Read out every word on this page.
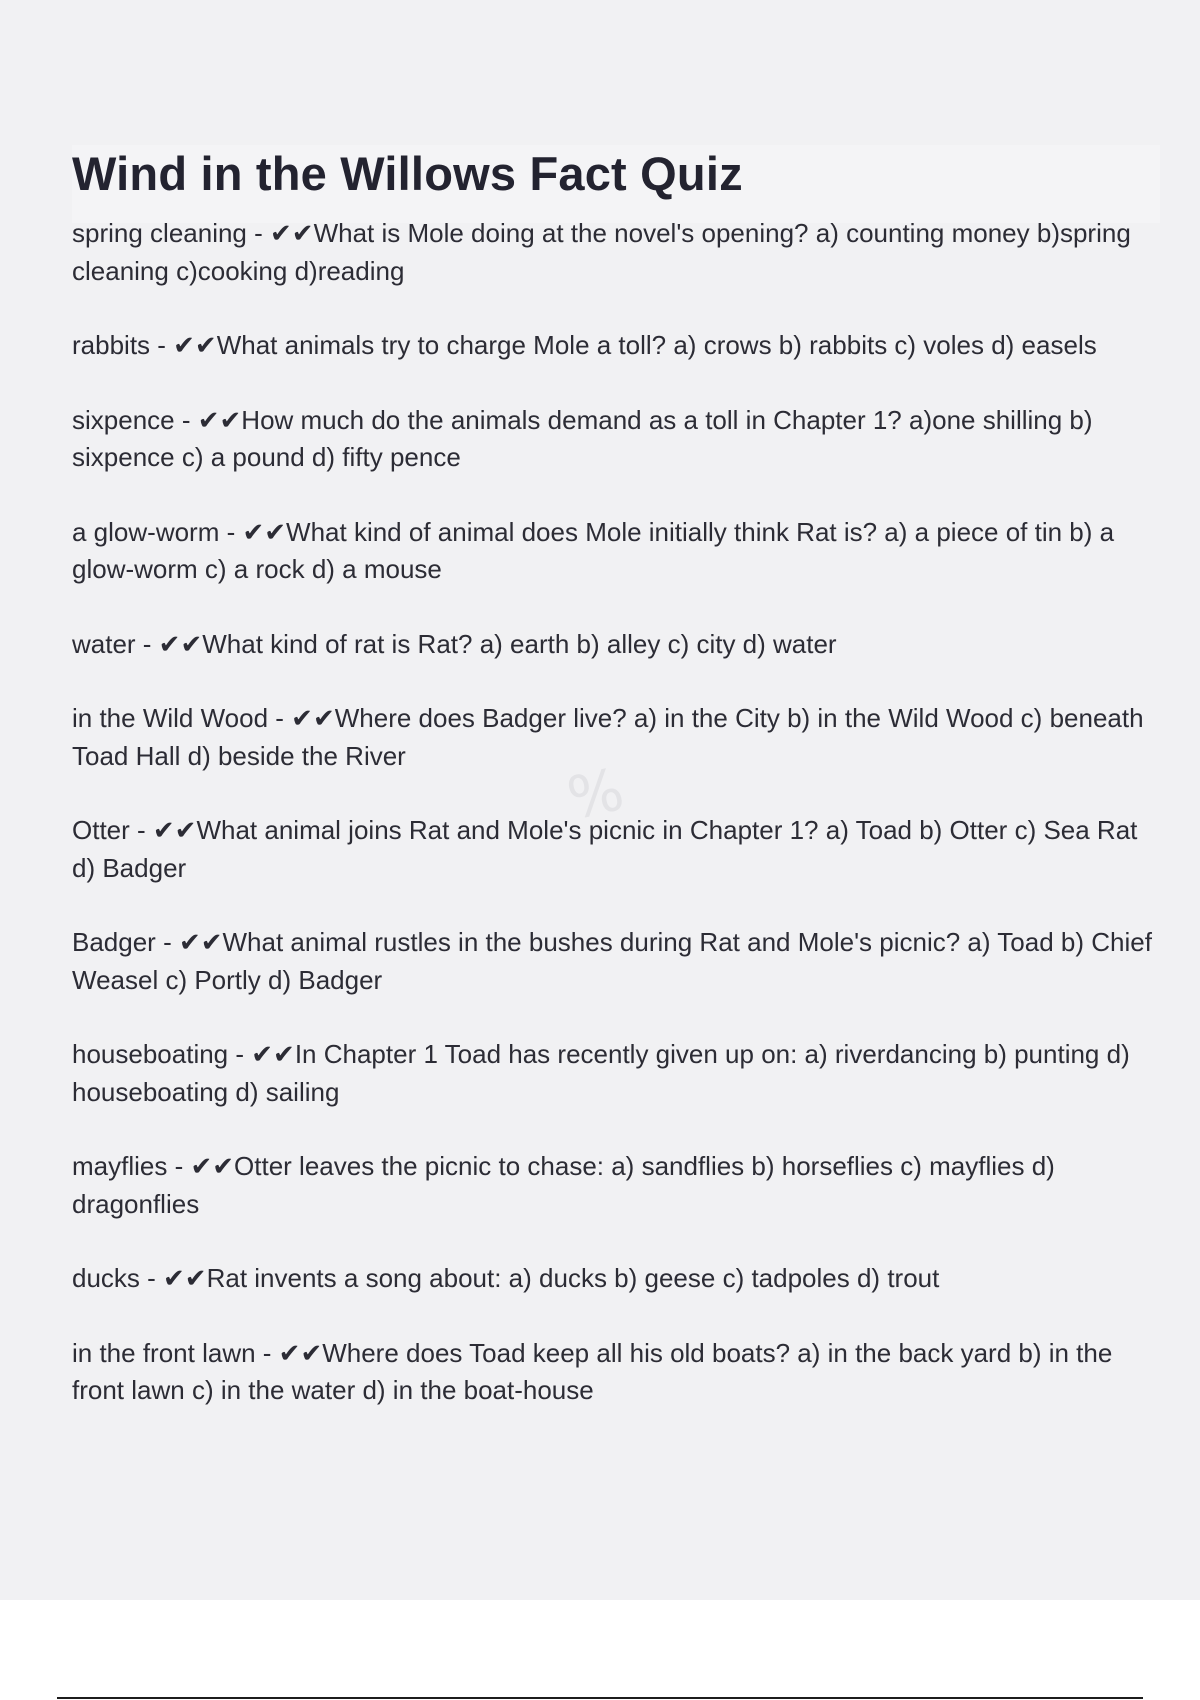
Wind in the Willows Fact Quiz
spring cleaning - ✔✔What is Mole doing at the novel's opening? a) counting money b)spring cleaning c)cooking d)reading
rabbits - ✔✔What animals try to charge Mole a toll? a) crows b) rabbits c) voles d) easels
sixpence - ✔✔How much do the animals demand as a toll in Chapter 1? a)one shilling b) sixpence c) a pound d) fifty pence
a glow-worm - ✔✔What kind of animal does Mole initially think Rat is? a) a piece of tin b) a glow-worm c) a rock d) a mouse
water - ✔✔What kind of rat is Rat? a) earth b) alley c) city d) water
in the Wild Wood - ✔✔Where does Badger live? a) in the City b) in the Wild Wood c) beneath Toad Hall d) beside the River
Otter - ✔✔What animal joins Rat and Mole's picnic in Chapter 1? a) Toad b) Otter c) Sea Rat d) Badger
Badger - ✔✔What animal rustles in the bushes during Rat and Mole's picnic? a) Toad b) Chief Weasel c) Portly d) Badger
houseboating - ✔✔In Chapter 1 Toad has recently given up on: a) riverdancing b) punting d) houseboating d) sailing
mayflies - ✔✔Otter leaves the picnic to chase: a) sandflies b) horseflies c) mayflies d) dragonflies
ducks - ✔✔Rat invents a song about: a) ducks b) geese c) tadpoles d) trout
in the front lawn - ✔✔Where does Toad keep all his old boats? a) in the back yard b) in the front lawn c) in the water d) in the boat-house
%
